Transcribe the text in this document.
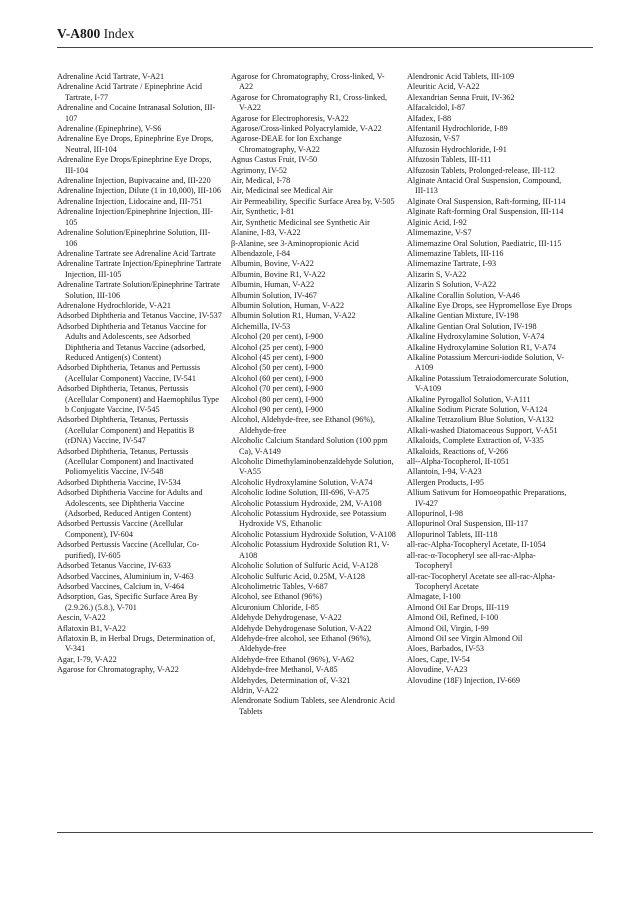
V-A800 Index

Adrenaline Acid Tartrate, V-A21

Adrenaline Acid Tartrate / Epinephrine Acid Tartrate, I-77

Adrenaline and Cocaine Intranasal Solution, III-107

Adrenaline (Epinephrine), V-S6

Adrenaline Eye Drops, Epinephrine Eye Drops, Neutral, III-104

Adrenaline Eye Drops/Epinephrine Eye Drops, III-104

Adrenaline Injection, Bupivacaine and, III-220

Adrenaline Injection, Dilute (1 in 10,000), III-106

Adrenaline Injection, Lidocaine and, III-751

Adrenaline Injection/Epinephrine Injection, III-105

Adrenaline Solution/Epinephrine Solution, III-106

Adrenaline Tartrate see Adrenaline Acid Tartrate

Adrenaline Tartrate Injection/Epinephrine Tartrate Injection, III-105

Adrenaline Tartrate Solution/Epinephrine Tartrate Solution, III-106

Adrenalone Hydrochloride, V-A21

Adsorbed Diphtheria and Tetanus Vaccine, IV-537

Adsorbed Diphtheria and Tetanus Vaccine for Adults and Adolescents, see Adsorbed Diphtheria and Tetanus Vaccine (adsorbed, Reduced Antigen(s) Content)

Adsorbed Diphtheria, Tetanus and Pertussis (Acellular Component) Vaccine, IV-541

Adsorbed Diphtheria, Tetanus, Pertussis (Acellular Component) and Haemophilus Type b Conjugate Vaccine, IV-545

Adsorbed Diphtheria, Tetanus, Pertussis (Acellular Component) and Hepatitis B (rDNA) Vaccine, IV-547

Adsorbed Diphtheria, Tetanus, Pertussis (Acellular Component) and Inactivated Poliomyelitis Vaccine, IV-548

Adsorbed Diphtheria Vaccine, IV-534

Adsorbed Diphtheria Vaccine for Adults and Adolescents, see Diphtheria Vaccine (Adsorbed, Reduced Antigen Content)

Adsorbed Pertussis Vaccine (Acellular Component), IV-604

Adsorbed Pertussis Vaccine (Acellular, Co-purified), IV-605

Adsorbed Tetanus Vaccine, IV-633

Adsorbed Vaccines, Aluminium in, V-463

Adsorbed Vaccines, Calcium in, V-464

Adsorption, Gas, Specific Surface Area By (2.9.26.) (5.8.), V-701

Aescin, V-A22

Aflatoxin B1, V-A22

Aflatoxin B, in Herbal Drugs, Determination of, V-341

Agar, I-79, V-A22

Agarose for Chromatography, V-A22

Agarose for Chromatography, Cross-linked, V-A22

Agarose for Chromatography R1, Cross-linked, V-A22

Agarose for Electrophoresis, V-A22

Agarose/Cross-linked Polyacrylamide, V-A22

Agarose-DEAE for Ion Exchange Chromatography, V-A22

Agnus Castus Fruit, IV-50

Agrimony, IV-52

Air, Medical, I-78

Air, Medicinal see Medical Air

Air Permeability, Specific Surface Area by, V-505

Air, Synthetic, I-81

Air, Synthetic Medicinal see Synthetic Air

Alanine, I-83, V-A22

β-Alanine, see 3-Aminopropionic Acid

Albendazole, I-84

Albumin, Bovine, V-A22

Albumin, Bovine R1, V-A22

Albumin, Human, V-A22

Albumin Solution, IV-467

Albumin Solution, Human, V-A22

Albumin Solution R1, Human, V-A22

Alchemilla, IV-53

Alcohol (20 per cent), I-900

Alcohol (25 per cent), I-900

Alcohol (45 per cent), I-900

Alcohol (50 per cent), I-900

Alcohol (60 per cent), I-900

Alcohol (70 per cent), I-900

Alcohol (80 per cent), I-900

Alcohol (90 per cent), I-900

Alcohol, Aldehyde-free, see Ethanol (96%), Aldehyde-free

Alcoholic Calcium Standard Solution (100 ppm Ca), V-A149

Alcoholic Dimethylaminobenzaldehyde Solution, V-A55

Alcoholic Hydroxylamine Solution, V-A74

Alcoholic Iodine Solution, III-696, V-A75

Alcoholic Potassium Hydroxide, 2M, V-A108

Alcoholic Potassium Hydroxide, see Potassium Hydroxide VS, Ethanolic

Alcoholic Potassium Hydroxide Solution, V-A108

Alcoholic Potassium Hydroxide Solution R1, V-A108

Alcoholic Solution of Sulfuric Acid, V-A128

Alcoholic Sulfuric Acid, 0.25M, V-A128

Alcoholimetric Tables, V-687

Alcohol, see Ethanol (96%)

Alcuronium Chloride, I-85

Aldehyde Dehydrogenase, V-A22

Aldehyde Dehydrogenase Solution, V-A22

Aldehyde-free alcohol, see Ethanol (96%), Aldehyde-free

Aldehyde-free Ethanol (96%), V-A62

Aldehyde-free Methanol, V-A85

Aldehydes, Determination of, V-321

Aldrin, V-A22

Alendronate Sodium Tablets, see Alendronic Acid Tablets

Alendronic Acid Tablets, III-109

Aleuritic Acid, V-A22

Alexandrian Senna Fruit, IV-362

Alfacalcidol, I-87

Alfadex, I-88

Alfentanil Hydrochloride, I-89

Alfuzosin, V-S7

Alfuzosin Hydrochloride, I-91

Alfuzosin Tablets, III-111

Alfuzosin Tablets, Prolonged-release, III-112

Alginate Antacid Oral Suspension, Compound, III-113

Alginate Oral Suspension, Raft-forming, III-114

Alginate Raft-forming Oral Suspension, III-114

Alginic Acid, I-92

Alimemazine, V-S7

Alimemazine Oral Solution, Paediatric, III-115

Alimemazine Tablets, III-116

Alimemazine Tartrate, I-93

Alizarin S, V-A22

Alizarin S Solution, V-A22

Alkaline Corallin Solution, V-A46

Alkaline Eye Drops, see Hypromellose Eye Drops

Alkaline Gentian Mixture, IV-198

Alkaline Gentian Oral Solution, IV-198

Alkaline Hydroxylamine Solution, V-A74

Alkaline Hydroxylamine Solution R1, V-A74

Alkaline Potassium Mercuri-iodide Solution, V-A109

Alkaline Potassium Tetraiodomercurate Solution, V-A109

Alkaline Pyrogallol Solution, V-A111

Alkaline Sodium Picrate Solution, V-A124

Alkaline Tetrazolium Blue Solution, V-A132

Alkali-washed Diatomaceous Support, V-A51

Alkaloids, Complete Extraction of, V-335

Alkaloids, Reactions of, V-266

all--Alpha-Tocopherol, II-1051

Allantoin, I-94, V-A23

Allergen Products, I-95

Allium Sativum for Homoeopathic Preparations, IV-427

Allopurinol, I-98

Allopurinol Oral Suspension, III-117

Allopurinol Tablets, III-118

all-rac-Alpha-Tocopheryl Acetate, II-1054

all-rac-α-Tocopheryl see all-rac-Alpha-Tocopheryl

all-rac-Tocopheryl Acetate see all-rac-Alpha-Tocopheryl Acetate

Almagate, I-100

Almond Oil Ear Drops, III-119

Almond Oil, Refined, I-100

Almond Oil, Virgin, I-99

Almond Oil see Virgin Almond Oil

Aloes, Barbados, IV-53

Aloes, Cape, IV-54

Alovudine, V-A23

Alovudine (18F) Injection, IV-669
